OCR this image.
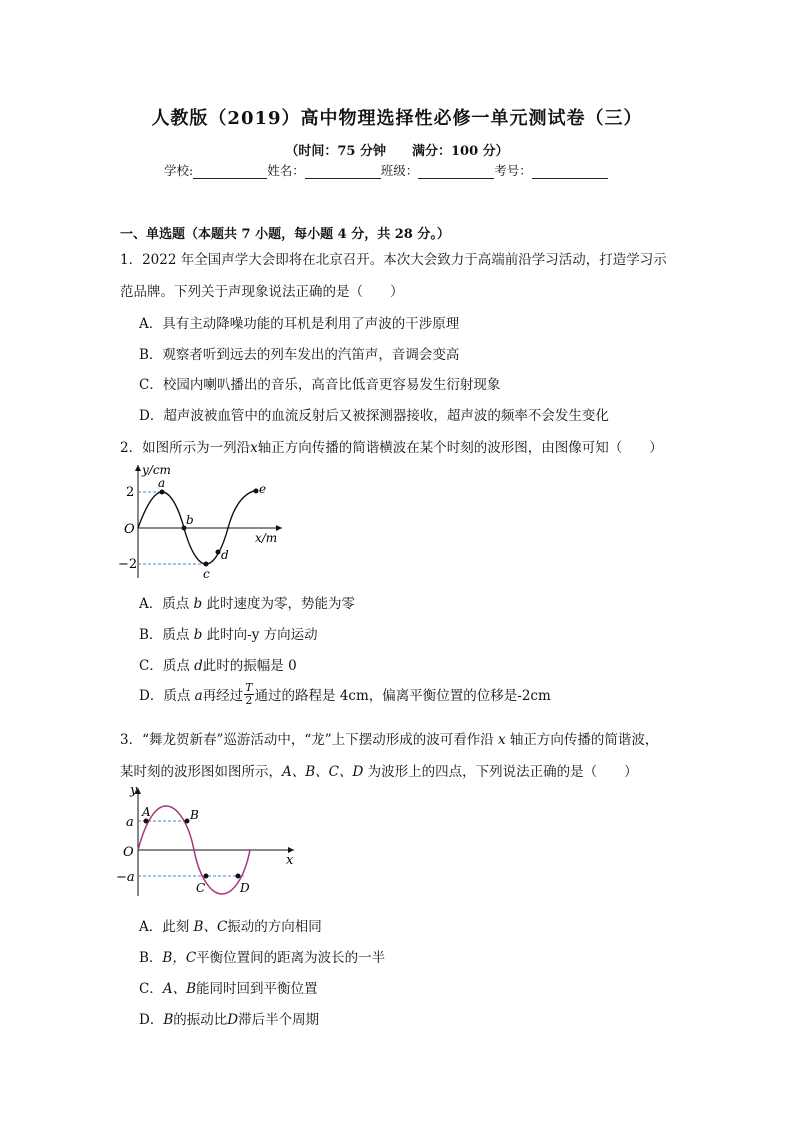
人教版（2019）高中物理选择性必修一单元测试卷（三）
（时间：75 分钟　　满分：100 分）
学校:	姓名：	班级：	考号：
一、单选题（本题共 7 小题，每小题 4 分，共 28 分。）
1．2022 年全国声学大会即将在北京召开。本次大会致力于高端前沿学习活动，打造学习示
范品牌。下列关于声现象说法正确的是（　　）
A．具有主动降噪功能的耳机是利用了声波的干涉原理
B．观察者听到远去的列车发出的汽笛声，音调会变高
C．校园内喇叭播出的音乐，高音比低音更容易发生衍射现象
D．超声波被血管中的血流反射后又被探测器接收，超声波的频率不会发生变化
2．如图所示为一列沿x轴正方向传播的简谐横波在某个时刻的波形图，由图像可知（　　）
y/cm
x/m
O
2
−2
a
b
c
d
e
A．质点 b 此时速度为零，势能为零
B．质点 b 此时向-y 方向运动
C．质点 d此时的振幅是 0
D．质点 a再经过 $\frac{T}{2}$ 通过的路程是 4cm，偏离平衡位置的位移是-2cm
3．“舞龙贺新春”巡游活动中，“龙”上下摆动形成的波可看作沿 x 轴正方向传播的简谐波，
某时刻的波形图如图所示，A、B、C、D 为波形上的四点，下列说法正确的是（　　）
y
x
O
a
−a
A	B
C	D
A．此刻 B、C振动的方向相同
B．B，C平衡位置间的距离为波长的一半
C．A、B能同时回到平衡位置
D．B的振动比D滞后半个周期
